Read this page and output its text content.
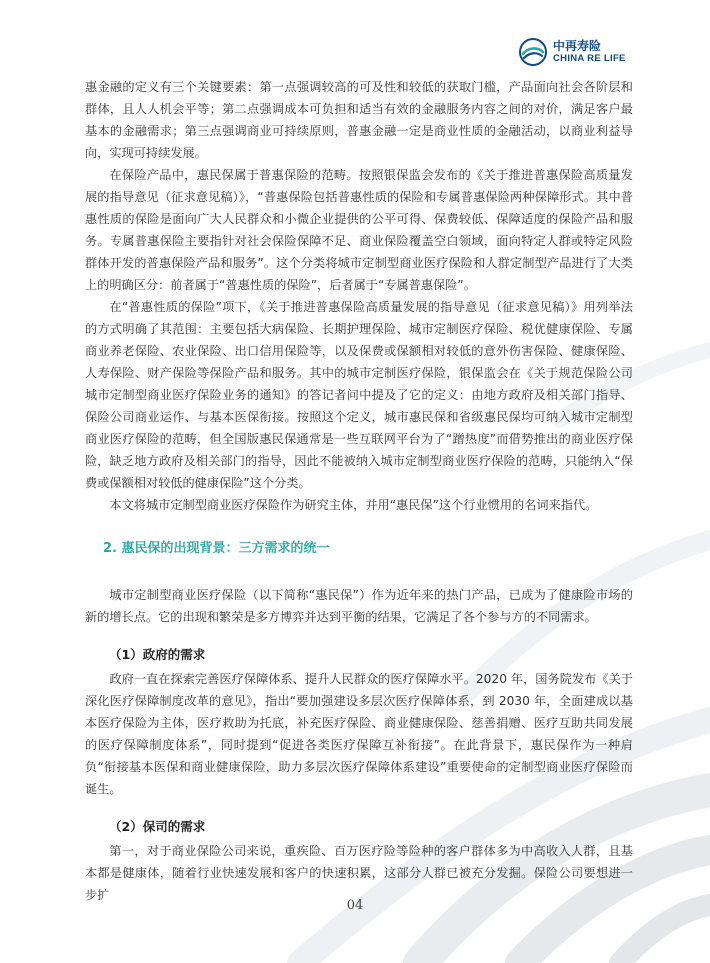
中再寿险
CHINA RE LIFE

惠金融的定义有三个关键要素：第一点强调较高的可及性和较低的获取门槛，产品面向社会各阶层和群体，且人人机会平等；第二点强调成本可负担和适当有效的金融服务内容之间的对价，满足客户最基本的金融需求；第三点强调商业可持续原则，普惠金融一定是商业性质的金融活动，以商业利益导向，实现可持续发展。

在保险产品中，惠民保属于普惠保险的范畴。按照银保监会发布的《关于推进普惠保险高质量发展的指导意见（征求意见稿）》，“普惠保险包括普惠性质的保险和专属普惠保险两种保障形式。其中普惠性质的保险是面向广大人民群众和小微企业提供的公平可得、保费较低、保障适度的保险产品和服务。专属普惠保险主要指针对社会保险保障不足、商业保险覆盖空白领域，面向特定人群或特定风险群体开发的普惠保险产品和服务”。这个分类将城市定制型商业医疗保险和人群定制型产品进行了大类上的明确区分：前者属于“普惠性质的保险”，后者属于“专属普惠保险”。

在“普惠性质的保险”项下，《关于推进普惠保险高质量发展的指导意见（征求意见稿）》用列举法的方式明确了其范围：主要包括大病保险、长期护理保险、城市定制医疗保险、税优健康保险、专属商业养老保险、农业保险、出口信用保险等，以及保费或保额相对较低的意外伤害保险、健康保险、人寿保险、财产保险等保险产品和服务。其中的城市定制医疗保险，银保监会在《关于规范保险公司城市定制型商业医疗保险业务的通知》的答记者问中提及了它的定义：由地方政府及相关部门指导、保险公司商业运作、与基本医保衔接。按照这个定义，城市惠民保和省级惠民保均可纳入城市定制型商业医疗保险的范畴，但全国版惠民保通常是一些互联网平台为了“蹭热度”而借势推出的商业医疗保险，缺乏地方政府及相关部门的指导，因此不能被纳入城市定制型商业医疗保险的范畴，只能纳入“保费或保额相对较低的健康保险”这个分类。

本文将城市定制型商业医疗保险作为研究主体，并用“惠民保”这个行业惯用的名词来指代。

2. 惠民保的出现背景：三方需求的统一

城市定制型商业医疗保险（以下简称“惠民保”）作为近年来的热门产品，已成为了健康险市场的新的增长点。它的出现和繁荣是多方博弈并达到平衡的结果，它满足了各个参与方的不同需求。

（1）政府的需求

政府一直在探索完善医疗保障体系、提升人民群众的医疗保障水平。2020 年，国务院发布《关于深化医疗保障制度改革的意见》，指出“要加强建设多层次医疗保障体系，到 2030 年，全面建成以基本医疗保险为主体，医疗救助为托底，补充医疗保险、商业健康保险、慈善捐赠、医疗互助共同发展的医疗保障制度体系”，同时提到“促进各类医疗保障互补衔接”。在此背景下，惠民保作为一种肩负“衔接基本医保和商业健康保险，助力多层次医疗保障体系建设”重要使命的定制型商业医疗保险而诞生。

（2）保司的需求

第一，对于商业保险公司来说，重疾险、百万医疗险等险种的客户群体多为中高收入人群，且基本都是健康体，随着行业快速发展和客户的快速积累，这部分人群已被充分发掘。保险公司要想进一步扩

04
